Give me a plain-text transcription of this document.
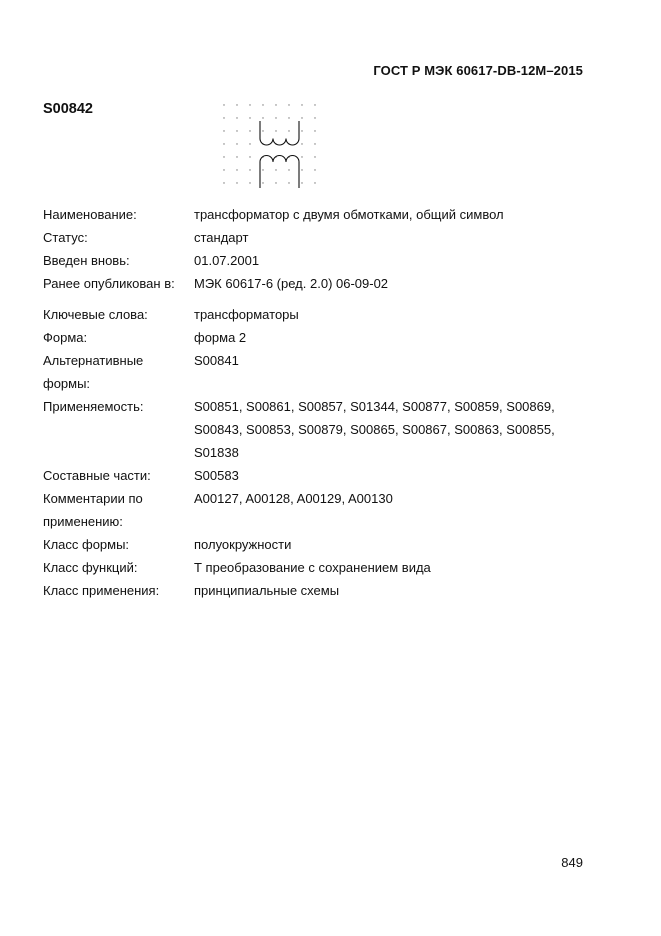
ГОСТ Р МЭК 60617-DB-12M–2015
S00842
Наименование:	трансформатор с двумя обмотками, общий символ
Статус:	стандарт
Введен вновь:	01.07.2001
Ранее опубликован в:	МЭК 60617-6 (ред. 2.0) 06-09-02
Ключевые слова:	трансформаторы
Форма:	форма 2
Альтернативные
формы:
S00841
Применяемость:	S00851, S00861, S00857, S01344, S00877, S00859, S00869, S00843, S00853, S00879, S00865, S00867, S00863, S00855, S01838
Составные части:	S00583
Комментарии по
применению:
A00127, A00128, A00129, A00130
Класс формы:	полуокружности
Класс функций:	Т преобразование с сохранением вида
Класс применения:	принципиальные схемы
849
